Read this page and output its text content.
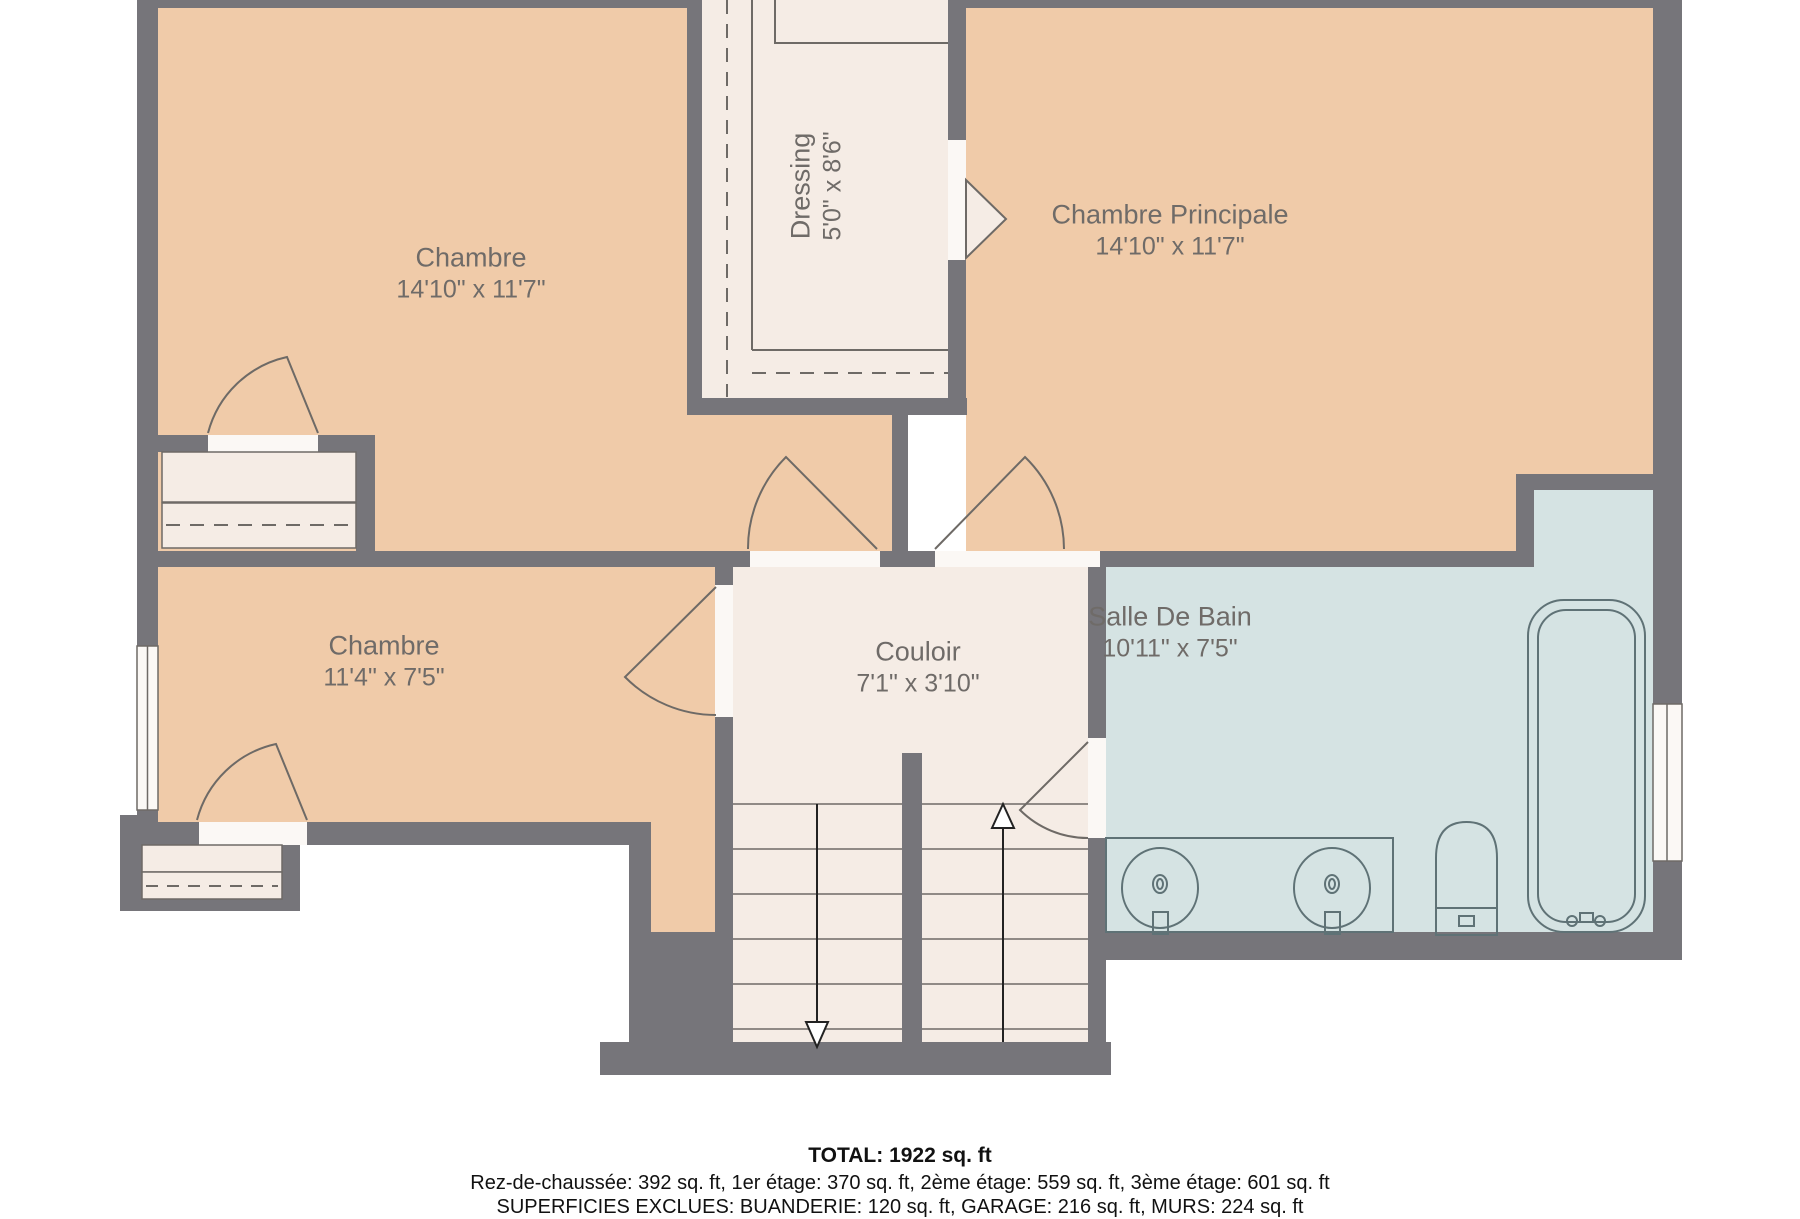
Chambre
14'10" x 11'7"
Dressing 5'0" x 8'6"	Chambre Principale
14'10" x 11'7"
Chambre
11'4" x 7'5"
Couloir
7'1" x 3'10"
Salle De Bain
10'11" x 7'5"
TOTAL: 1922 sq. ft
Rez-de-chaussée: 392 sq. ft, 1er étage: 370 sq. ft, 2ème étage: 559 sq. ft, 3ème étage: 601 sq. ft
SUPERFICIES EXCLUES: BUANDERIE: 120 sq. ft, GARAGE: 216 sq. ft, MURS: 224 sq. ft
